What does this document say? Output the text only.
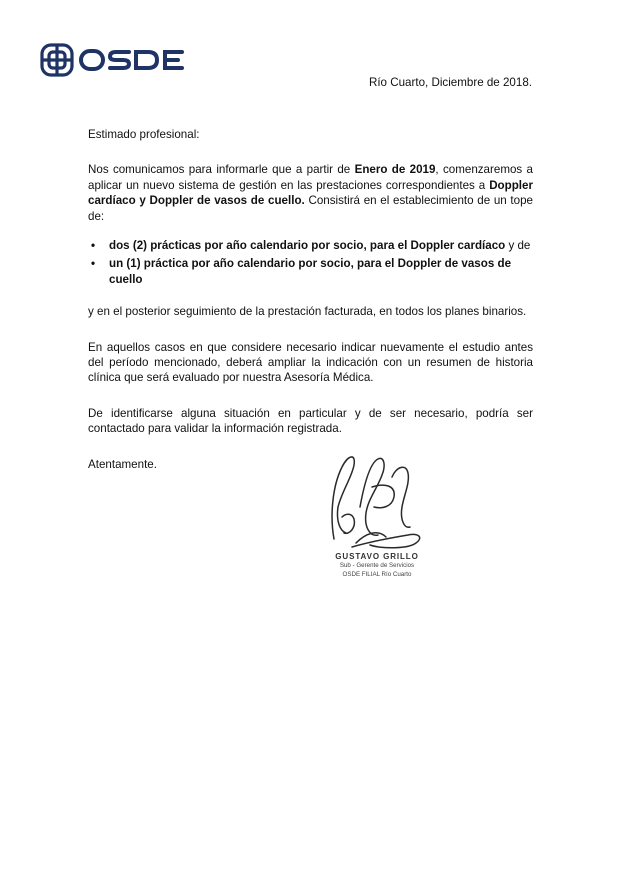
Río Cuarto, Diciembre de 2018.

Estimado profesional:

Nos comunicamos para informarle que a partir de Enero de 2019, comenzaremos a aplicar un nuevo sistema de gestión en las prestaciones correspondientes a Doppler cardíaco y Doppler de vasos de cuello. Consistirá en el establecimiento de un tope de:

• dos (2) prácticas por año calendario por socio, para el Doppler cardíaco y de
• un (1) práctica por año calendario por socio, para el Doppler de vasos de cuello

y en el posterior seguimiento de la prestación facturada, en todos los planes binarios.

En aquellos casos en que considere necesario indicar nuevamente el estudio antes del período mencionado, deberá ampliar la indicación con un resumen de historia clínica que será evaluado por nuestra Asesoría Médica.

De identificarse alguna situación en particular y de ser necesario, podría ser contactado para validar la información registrada.

Atentamente.

GUSTAVO GRILLO
Sub - Gerente de Servicios
OSDE FILIAL Río Cuarto
